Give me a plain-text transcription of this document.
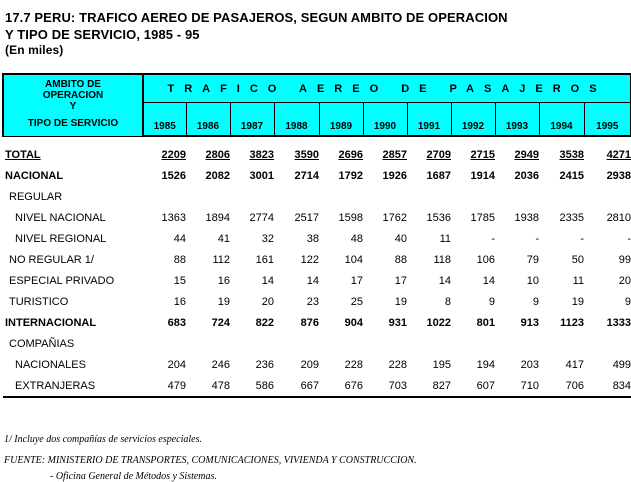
17.7 PERU: TRAFICO AEREO DE PASAJEROS, SEGUN AMBITO DE OPERACION
Y TIPO DE SERVICIO, 1985 - 95
(En miles)
AMBITO DE
OPERACION
Y
TIPO DE SERVICIO	TRAFICO AEREO DE PASAJEROS										
	1985	1986	1987	1988	1989	1990	1991	1992	1993	1994	1995

TOTAL	2209	2806	3823	3590	2696	2857	2709	2715	2949	3538	4271
NACIONAL	1526	2082	3001	2714	1792	1926	1687	1914	2036	2415	2938
REGULAR											
NIVEL NACIONAL	1363	1894	2774	2517	1598	1762	1536	1785	1938	2335	2810
NIVEL REGIONAL	44	41	32	38	48	40	11	-	-	-	-
NO REGULAR 1/	88	112	161	122	104	88	118	106	79	50	99
ESPECIAL PRIVADO	15	16	14	14	17	17	14	14	10	11	20
TURISTICO	16	19	20	23	25	19	8	9	9	19	9
INTERNACIONAL	683	724	822	876	904	931	1022	801	913	1123	1333
COMPAÑIAS											
NACIONALES	204	246	236	209	228	228	195	194	203	417	499
EXTRANJERAS	479	478	586	667	676	703	827	607	710	706	834
1/ Incluye dos compañías de servicios especiales.
FUENTE: MINISTERIO DE TRANSPORTES, COMUNICACIONES, VIVIENDA Y CONSTRUCCION.
- Oficina General de Métodos y Sistemas.
